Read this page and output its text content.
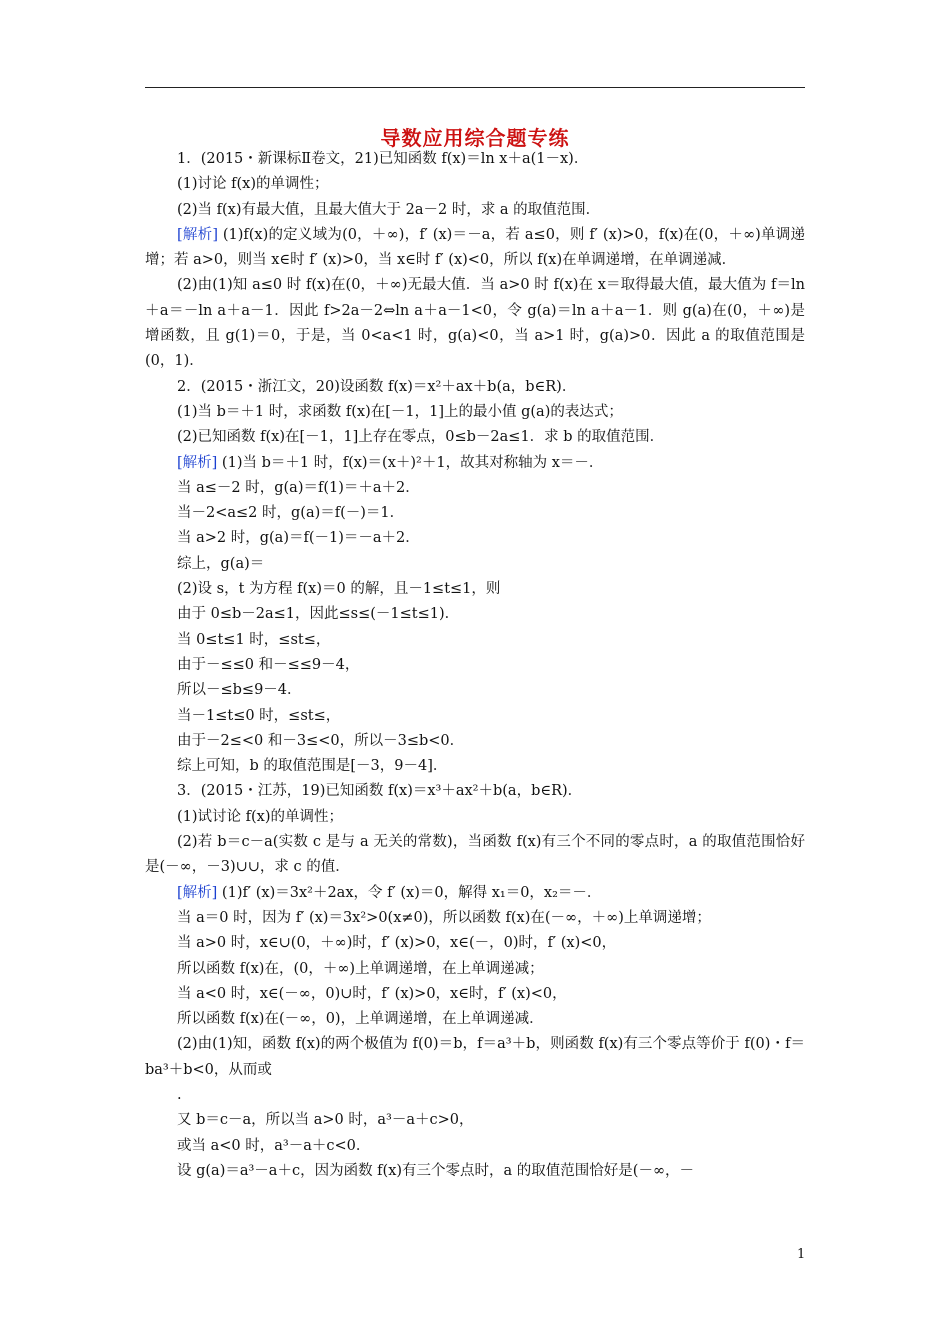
导数应用综合题专练

1．(2015・新课标Ⅱ卷文，21)已知函数 f(x)＝ln x＋a(1－x)．

(1)讨论 f(x)的单调性；

(2)当 f(x)有最大值，且最大值大于 2a－2 时，求 a 的取值范围．

[解析] (1)f(x)的定义域为(0，＋∞)，f′ (x)＝－a，若 a≤0，则 f′ (x)>0，f(x)在(0，＋∞)单调递增；若 a>0，则当 x∈时 f′ (x)>0，当 x∈时 f′ (x)<0，所以 f(x)在单调递增，在单调递减．

(2)由(1)知 a≤0 时 f(x)在(0，＋∞)无最大值．当 a>0 时 f(x)在 x＝取得最大值，最大值为 f＝ln＋a＝－ln a＋a－1．因此 f>2a－2⇔ln a＋a－1<0，令 g(a)＝ln a＋a－1．则 g(a)在(0，＋∞)是增函数，且 g(1)＝0，于是，当 0<a<1 时，g(a)<0，当 a>1 时，g(a)>0．因此 a 的取值范围是(0，1)．

2．(2015・浙江文，20)设函数 f(x)＝x²＋ax＋b(a，b∈R)．

(1)当 b＝＋1 时，求函数 f(x)在[－1，1]上的最小值 g(a)的表达式；

(2)已知函数 f(x)在[－1，1]上存在零点，0≤b－2a≤1．求 b 的取值范围．

[解析] (1)当 b＝＋1 时，f(x)＝(x＋)²＋1，故其对称轴为 x＝－．

当 a≤－2 时，g(a)＝f(1)＝＋a＋2．

当－2<a≤2 时，g(a)＝f(－)＝1．

当 a>2 时，g(a)＝f(－1)＝－a＋2．

综上，g(a)＝

(2)设 s，t 为方程 f(x)＝0 的解，且－1≤t≤1，则

由于 0≤b－2a≤1，因此≤s≤(－1≤t≤1)．

当 0≤t≤1 时，≤st≤，

由于－≤≤0 和－≤≤9－4，

所以－≤b≤9－4．

当－1≤t≤0 时，≤st≤，

由于－2≤<0 和－3≤<0，所以－3≤b<0．

综上可知，b 的取值范围是[－3，9－4]．

3．(2015・江苏，19)已知函数 f(x)＝x³＋ax²＋b(a，b∈R)．

(1)试讨论 f(x)的单调性；

(2)若 b＝c－a(实数 c 是与 a 无关的常数)，当函数 f(x)有三个不同的零点时，a 的取值范围恰好是(－∞，－3)∪∪，求 c 的值．

[解析] (1)f′ (x)＝3x²＋2ax，令 f′ (x)＝0，解得 x₁＝0，x₂＝－．

当 a＝0 时，因为 f′ (x)＝3x²>0(x≠0)，所以函数 f(x)在(－∞，＋∞)上单调递增；

当 a>0 时，x∈∪(0，＋∞)时，f′ (x)>0，x∈(－，0)时，f′ (x)<0，

所以函数 f(x)在，(0，＋∞)上单调递增，在上单调递减；

当 a<0 时，x∈(－∞，0)∪时，f′ (x)>0，x∈时，f′ (x)<0，

所以函数 f(x)在(－∞，0)，上单调递增，在上单调递减．

(2)由(1)知，函数 f(x)的两个极值为 f(0)＝b，f＝a³＋b，则函数 f(x)有三个零点等价于 f(0)・f＝ba³＋b<0，从而或

.

又 b＝c－a，所以当 a>0 时，a³－a＋c>0，

或当 a<0 时，a³－a＋c<0．

设 g(a)＝a³－a＋c，因为函数 f(x)有三个零点时，a 的取值范围恰好是(－∞，－

1
